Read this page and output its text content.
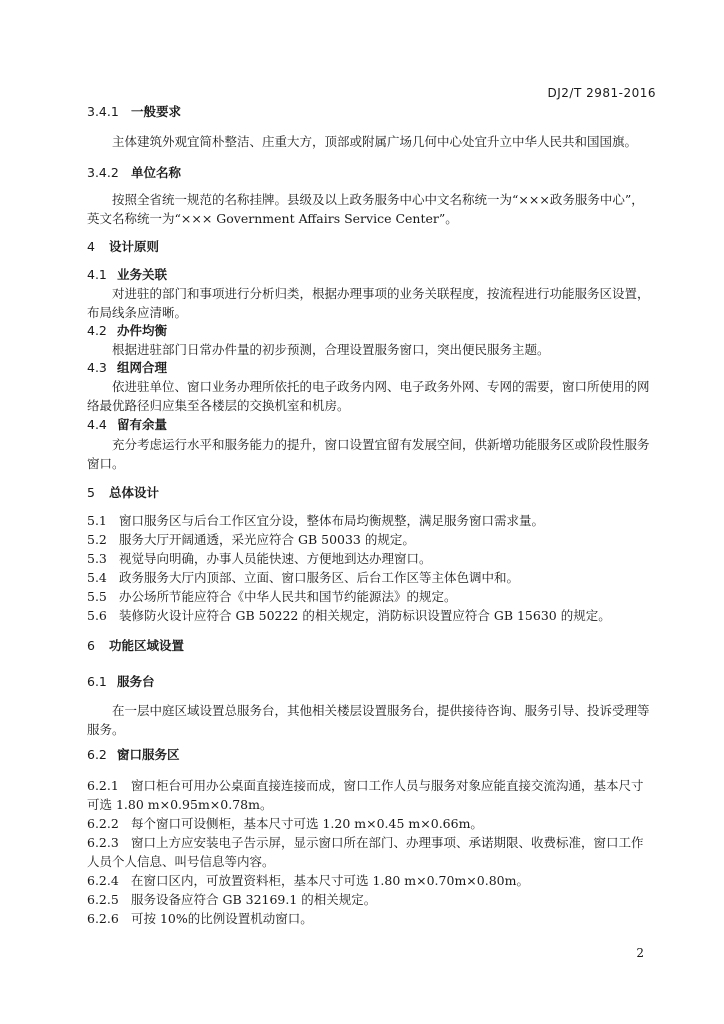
DJ2/T 2981-2016
3.4.1 一般要求
主体建筑外观宜简朴整洁、庄重大方，顶部或附属广场几何中心处宜升立中华人民共和国国旗。
3.4.2 单位名称
按照全省统一规范的名称挂牌。县级及以上政务服务中心中文名称统一为“×××政务服务中心”，
英文名称统一为“××× Government Affairs Service Center”。
4 设计原则
4.1 业务关联
对进驻的部门和事项进行分析归类，根据办理事项的业务关联程度，按流程进行功能服务区设置，
布局线条应清晰。
4.2 办件均衡
根据进驻部门日常办件量的初步预测，合理设置服务窗口，突出便民服务主题。
4.3 组网合理
依进驻单位、窗口业务办理所依托的电子政务内网、电子政务外网、专网的需要，窗口所使用的网
络最优路径归应集至各楼层的交换机室和机房。
4.4 留有余量
充分考虑运行水平和服务能力的提升，窗口设置宜留有发展空间，供新增功能服务区或阶段性服务
窗口。
5 总体设计
5.1 窗口服务区与后台工作区宜分设，整体布局均衡规整，满足服务窗口需求量。
5.2 服务大厅开阔通透，采光应符合 GB 50033 的规定。
5.3 视觉导向明确，办事人员能快速、方便地到达办理窗口。
5.4 政务服务大厅内顶部、立面、窗口服务区、后台工作区等主体色调中和。
5.5 办公场所节能应符合《中华人民共和国节约能源法》的规定。
5.6 装修防火设计应符合 GB 50222 的相关规定，消防标识设置应符合 GB 15630 的规定。
6 功能区域设置
6.1 服务台
在一层中庭区域设置总服务台，其他相关楼层设置服务台，提供接待咨询、服务引导、投诉受理等
服务。
6.2 窗口服务区
6.2.1 窗口柜台可用办公桌面直接连接而成，窗口工作人员与服务对象应能直接交流沟通，基本尺寸
可选 1.80 m×0.95m×0.78m。
6.2.2 每个窗口可设侧柜，基本尺寸可选 1.20 m×0.45 m×0.66m。
6.2.3 窗口上方应安装电子告示屏，显示窗口所在部门、办理事项、承诺期限、收费标准，窗口工作
人员个人信息、叫号信息等内容。
6.2.4 在窗口区内，可放置资料柜，基本尺寸可选 1.80 m×0.70m×0.80m。
6.2.5 服务设备应符合 GB 32169.1 的相关规定。
6.2.6 可按 10%的比例设置机动窗口。
2
